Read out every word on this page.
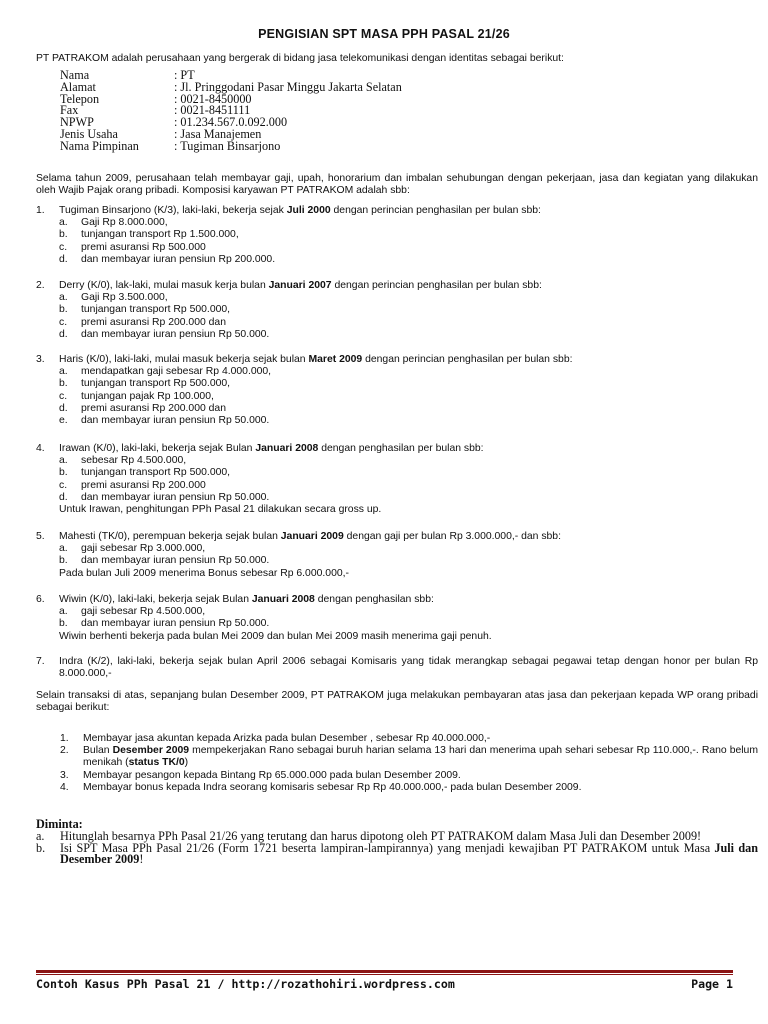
PENGISIAN SPT MASA PPH PASAL 21/26
PT PATRAKOM adalah perusahaan yang bergerak di bidang jasa telekomunikasi dengan identitas sebagai berikut:
Nama	: PT
Alamat	: Jl. Pringgodani Pasar Minggu Jakarta Selatan
Telepon	: 0021-8450000
Fax	: 0021-8451111
NPWP	: 01.234.567.0.092.000
Jenis Usaha	: Jasa Manajemen
Nama Pimpinan	: Tugiman Binsarjono
Selama tahun 2009, perusahaan telah membayar gaji, upah, honorarium dan imbalan sehubungan dengan pekerjaan, jasa dan kegiatan yang dilakukan oleh Wajib Pajak orang pribadi. Komposisi karyawan PT PATRAKOM adalah sbb:
1.	Tugiman Binsarjono (K/3), laki-laki, bekerja sejak Juli 2000 dengan perincian penghasilan per bulan sbb:
a.	Gaji Rp 8.000.000,
b.	tunjangan transport Rp 1.500.000,
c.	premi asuransi Rp 500.000
d.	dan membayar iuran pensiun Rp 200.000.
2.	Derry (K/0), lak-laki, mulai masuk kerja bulan Januari 2007 dengan perincian penghasilan per bulan sbb:
a.	Gaji Rp 3.500.000,
b.	tunjangan transport Rp 500.000,
c.	premi asuransi Rp 200.000 dan
d.	dan membayar iuran pensiun Rp 50.000.
3.	Haris (K/0), laki-laki, mulai masuk bekerja sejak bulan Maret 2009 dengan perincian penghasilan per bulan sbb:
a.	mendapatkan gaji sebesar Rp 4.000.000,
b.	tunjangan transport Rp 500.000,
c.	tunjangan pajak Rp 100.000,
d.	premi asuransi Rp 200.000 dan
e.	dan membayar iuran pensiun Rp 50.000.
4.	Irawan (K/0), laki-laki, bekerja sejak Bulan Januari 2008 dengan penghasilan per bulan sbb:
a.	sebesar Rp 4.500.000,
b.	tunjangan transport Rp 500.000,
c.	premi asuransi Rp 200.000
d.	dan membayar iuran pensiun Rp 50.000.
Untuk Irawan, penghitungan PPh Pasal 21 dilakukan secara gross up.
5.	Mahesti (TK/0), perempuan bekerja sejak bulan Januari 2009 dengan gaji per bulan Rp 3.000.000,- dan sbb:
a.	gaji sebesar Rp 3.000.000,
b.	dan membayar iuran pensiun Rp 50.000.
Pada bulan Juli 2009 menerima Bonus sebesar Rp 6.000.000,-
6.	Wiwin (K/0), laki-laki, bekerja sejak Bulan Januari 2008 dengan penghasilan sbb:
a.	gaji sebesar Rp 4.500.000,
b.	dan membayar iuran pensiun Rp 50.000.
Wiwin berhenti bekerja pada bulan Mei 2009 dan bulan Mei 2009 masih menerima gaji penuh.
7.	Indra (K/2), laki-laki, bekerja sejak bulan April 2006 sebagai Komisaris yang tidak merangkap sebagai pegawai tetap dengan honor per bulan Rp 8.000.000,-
Selain transaksi di atas, sepanjang bulan Desember 2009, PT PATRAKOM juga melakukan pembayaran atas jasa dan pekerjaan kepada WP orang pribadi sebagai berikut:
1.	Membayar jasa akuntan kepada Arizka pada bulan Desember , sebesar Rp 40.000.000,-
2.	Bulan Desember 2009 mempekerjakan Rano sebagai buruh harian selama 13 hari dan menerima upah sehari sebesar Rp 110.000,-. Rano belum menikah (status TK/0)
3.	Membayar pesangon kepada Bintang Rp 65.000.000 pada bulan Desember 2009.
4.	Membayar bonus kepada Indra seorang komisaris sebesar Rp Rp 40.000.000,- pada bulan Desember 2009.
Diminta:
a.	Hitunglah besarnya PPh Pasal 21/26 yang terutang dan harus dipotong oleh PT PATRAKOM dalam Masa Juli dan Desember 2009!
b.	Isi SPT Masa PPh Pasal 21/26 (Form 1721 beserta lampiran-lampirannya) yang menjadi kewajiban PT PATRAKOM untuk Masa Juli dan Desember 2009!
Contoh Kasus PPh Pasal 21 / http://rozathohiri.wordpress.com	Page 1
